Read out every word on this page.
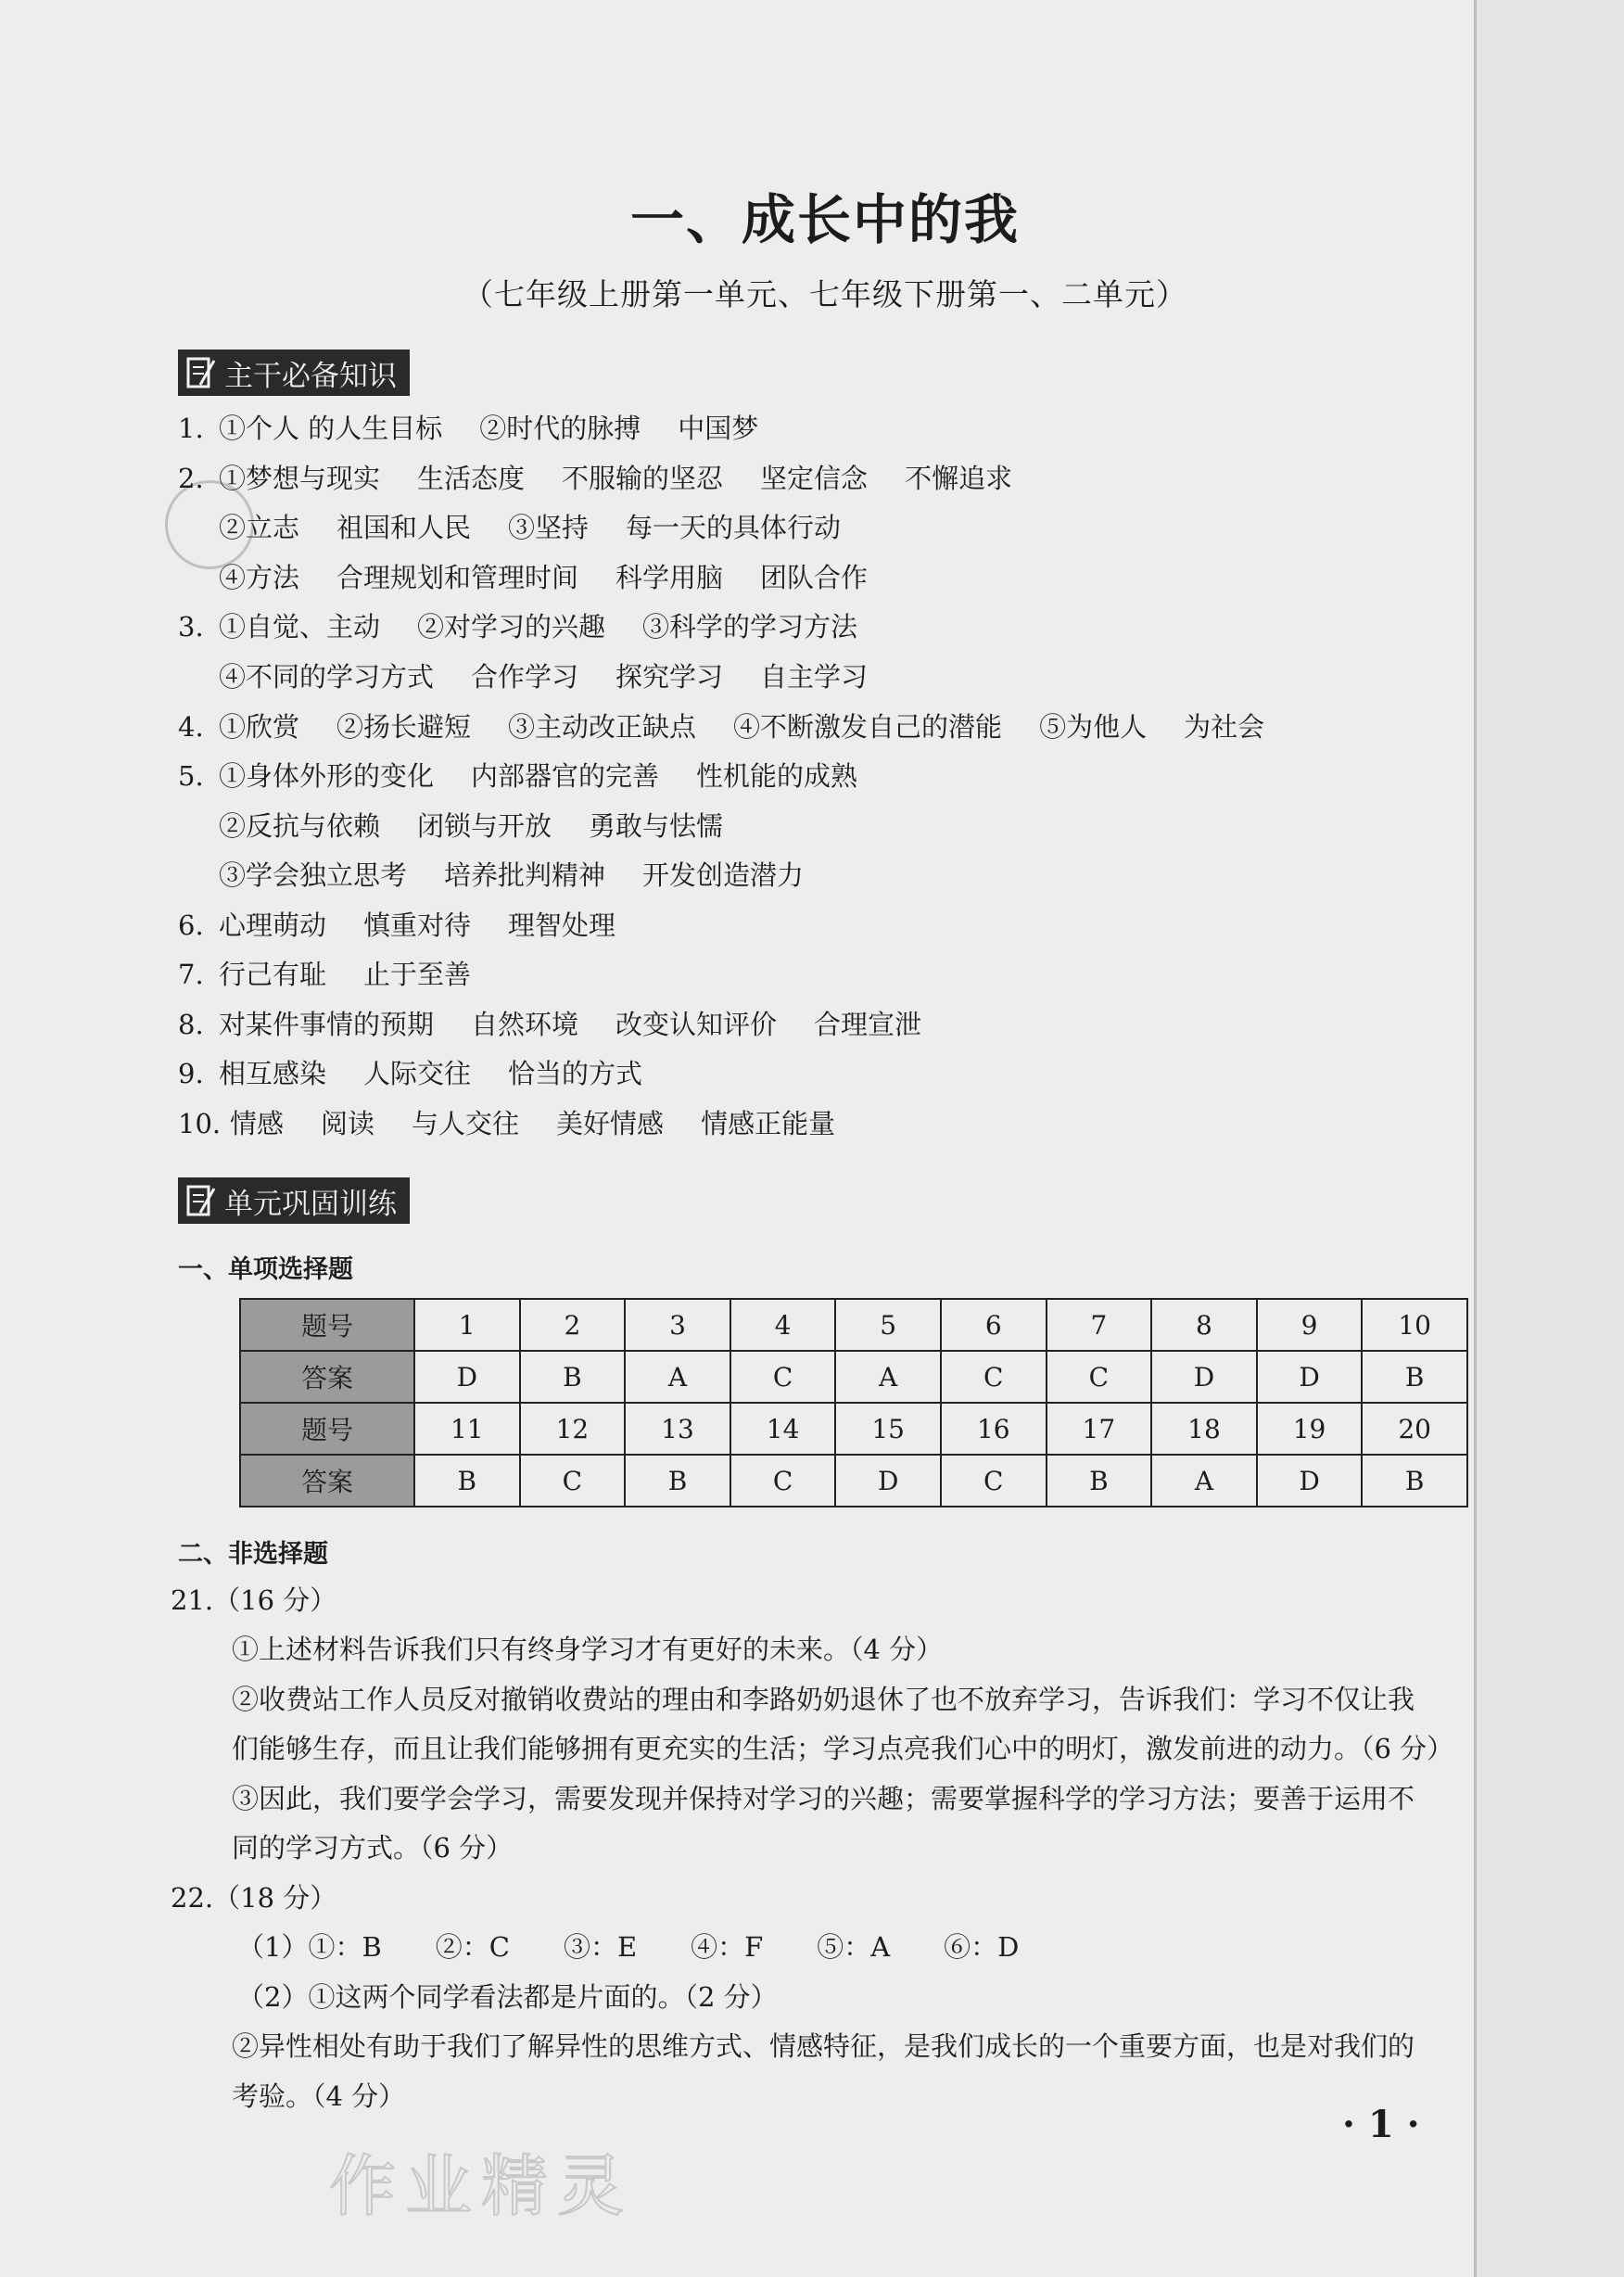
一、成长中的我
（七年级上册第一单元、七年级下册第一、二单元）
主干必备知识
1. ①个人 的人生目标 ②时代的脉搏 中国梦
2. ①梦想与现实 生活态度 不服输的坚忍 坚定信念 不懈追求
②立志 祖国和人民 ③坚持 每一天的具体行动
④方法 合理规划和管理时间 科学用脑 团队合作
3. ①自觉、主动 ②对学习的兴趣 ③科学的学习方法
④不同的学习方式 合作学习 探究学习 自主学习
4. ①欣赏 ②扬长避短 ③主动改正缺点 ④不断激发自己的潜能 ⑤为他人 为社会
5. ①身体外形的变化 内部器官的完善 性机能的成熟
②反抗与依赖 闭锁与开放 勇敢与怯懦
③学会独立思考 培养批判精神 开发创造潜力
6. 心理萌动 慎重对待 理智处理
7. 行己有耻 止于至善
8. 对某件事情的预期 自然环境 改变认知评价 合理宣泄
9. 相互感染 人际交往 恰当的方式
10. 情感 阅读 与人交往 美好情感 情感正能量
单元巩固训练
一、单项选择题
题号	1	2	3	4	5	6	7	8	9	10
答案	D	B	A	C	A	C	C	D	D	B
题号	11	12	13	14	15	16	17	18	19	20
答案	B	C	B	C	D	C	B	A	D	B
二、非选择题
21.（16 分）
①上述材料告诉我们只有终身学习才有更好的未来。（4 分）
②收费站工作人员反对撤销收费站的理由和李路奶奶退休了也不放弃学习，告诉我们：学习不仅让我
们能够生存，而且让我们能够拥有更充实的生活；学习点亮我们心中的明灯，激发前进的动力。（6 分）
③因此，我们要学会学习，需要发现并保持对学习的兴趣；需要掌握科学的学习方法；要善于运用不
同的学习方式。（6 分）
22.（18 分）
（1）①：B　　②：C　　③：E　　④：F　　⑤：A　　⑥：D
（2）①这两个同学看法都是片面的。（2 分）
②异性相处有助于我们了解异性的思维方式、情感特征，是我们成长的一个重要方面，也是对我们的
考验。（4 分）
· 1 ·
作业精灵
